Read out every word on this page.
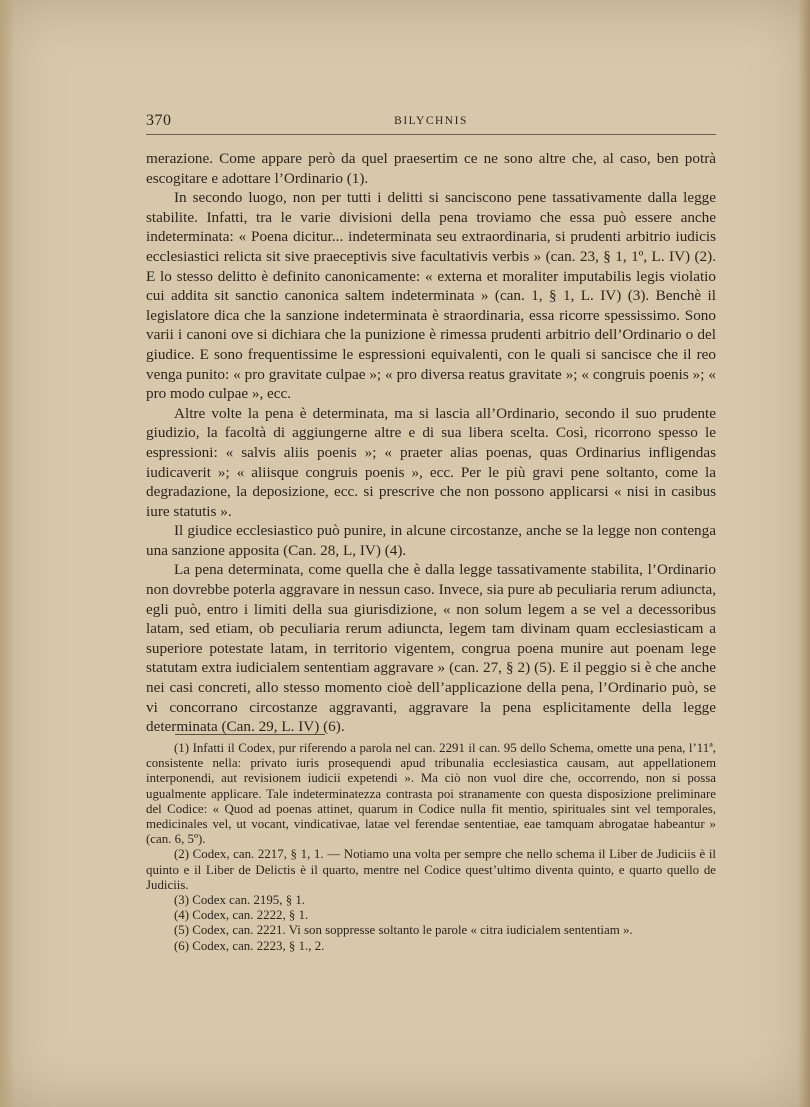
370	BILYCHNIS

merazione. Come appare però da quel praesertim ce ne sono altre che, al caso, ben potrà escogitare e adottare l’Ordinario (1).

In secondo luogo, non per tutti i delitti si sanciscono pene tassativamente dalla legge stabilite. Infatti, tra le varie divisioni della pena troviamo che essa può essere anche indeterminata: « Poena dicitur... indeterminata seu extraordinaria, si prudenti arbitrio iudicis ecclesiastici relicta sit sive praeceptivis sive facultativis verbis » (can. 23, § 1, 1º, L. IV) (2). E lo stesso delitto è definito canonicamente: « externa et moraliter imputabilis legis violatio cui addita sit sanctio canonica saltem indeterminata » (can. 1, § 1, L. IV) (3). Benchè il legislatore dica che la sanzione indeterminata è straordinaria, essa ricorre spessissimo. Sono varii i canoni ove si dichiara che la punizione è rimessa prudenti arbitrio dell’Ordinario o del giudice. E sono frequentissime le espressioni equivalenti, con le quali si sancisce che il reo venga punito: « pro gravitate culpae »; « pro diversa reatus gravitate »; « congruis poenis »; « pro modo culpae », ecc.

Altre volte la pena è determinata, ma si lascia all’Ordinario, secondo il suo prudente giudizio, la facoltà di aggiungerne altre e di sua libera scelta. Così, ricorrono spesso le espressioni: « salvis aliis poenis »; « praeter alias poenas, quas Ordinarius infligendas iudicaverit »; « aliisque congruis poenis », ecc. Per le più gravi pene soltanto, come la degradazione, la deposizione, ecc. si prescrive che non possono applicarsi « nisi in casibus iure statutis ».

Il giudice ecclesiastico può punire, in alcune circostanze, anche se la legge non contenga una sanzione apposita (Can. 28, L, IV) (4).

La pena determinata, come quella che è dalla legge tassativamente stabilita, l’Ordinario non dovrebbe poterla aggravare in nessun caso. Invece, sia pure ab peculiaria rerum adiuncta, egli può, entro i limiti della sua giurisdizione, « non solum legem a se vel a decessoribus latam, sed etiam, ob peculiaria rerum adiuncta, legem tam divinam quam ecclesiasticam a superiore potestate latam, in territorio vigentem, congrua poena munire aut poenam lege statutam extra iudicialem sententiam aggravare » (can. 27, § 2) (5). E il peggio si è che anche nei casi concreti, allo stesso momento cioè dell’applicazione della pena, l’Ordinario può, se vi concorrano circostanze aggravanti, aggravare la pena esplicitamente della legge determinata (Can. 29, L. IV) (6).

(1) Infatti il Codex, pur riferendo a parola nel can. 2291 il can. 95 dello Schema, omette una pena, l’11ª, consistente nella: privato iuris prosequendi apud tribunalia ecclesiastica causam, aut appellationem interponendi, aut revisionem iudicii expetendi ». Ma ciò non vuol dire che, occorrendo, non si possa ugualmente applicare. Tale indeterminatezza contrasta poi stranamente con questa disposizione preliminare del Codice: « Quod ad poenas attinet, quarum in Codice nulla fit mentio, spirituales sint vel temporales, medicinales vel, ut vocant, vindicativae, latae vel ferendae sententiae, eae tamquam abrogatae habeantur » (can. 6, 5º).

(2) Codex, can. 2217, § 1, 1. — Notiamo una volta per sempre che nello schema il Liber de Judiciis è il quinto e il Liber de Delictis è il quarto, mentre nel Codice quest’ultimo diventa quinto, e quarto quello de Judiciis.

(3) Codex can. 2195, § 1.

(4) Codex, can. 2222, § 1.

(5) Codex, can. 2221. Vi son soppresse soltanto le parole « citra iudicialem sententiam ».

(6) Codex, can. 2223, § 1., 2.
